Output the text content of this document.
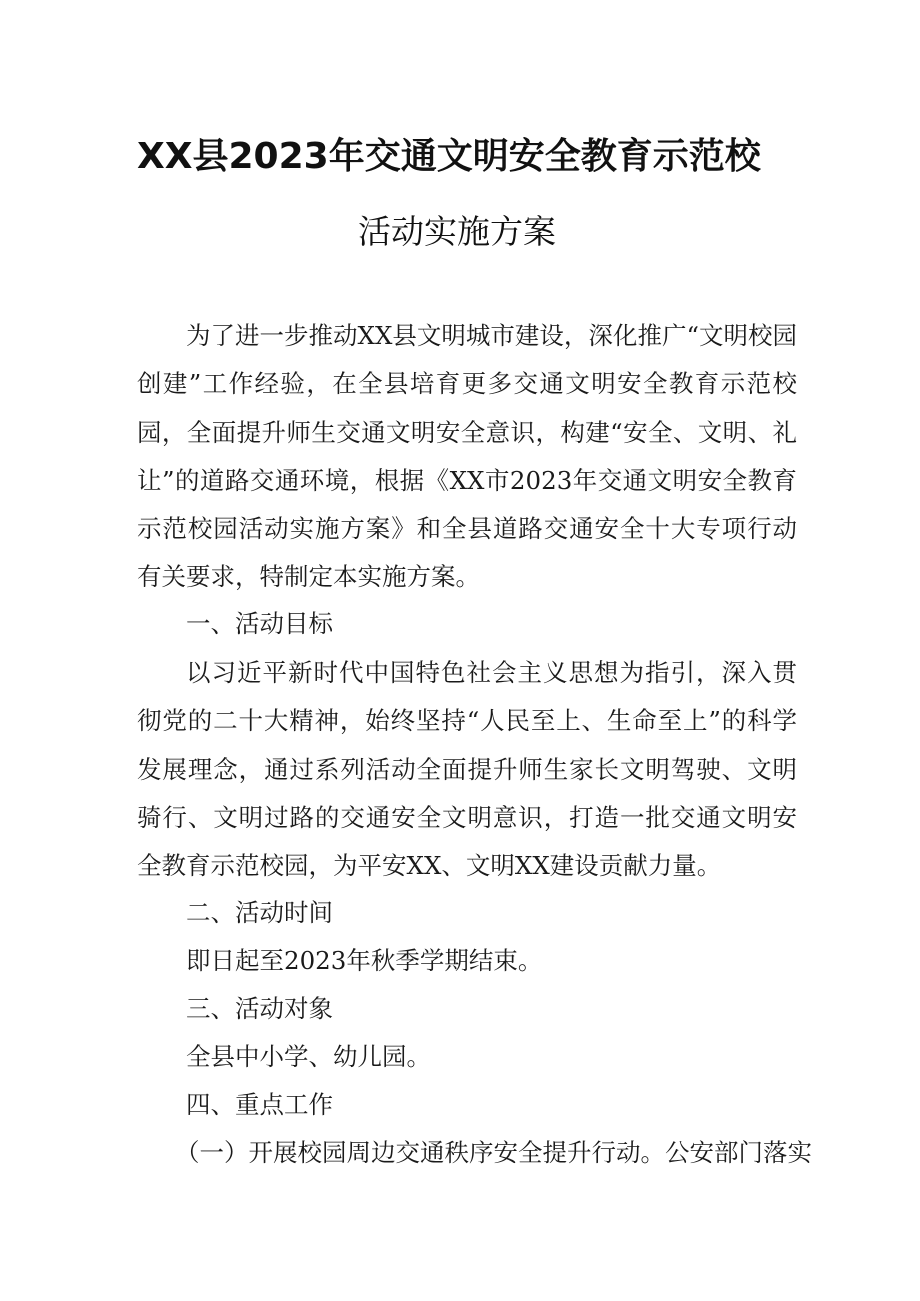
XX县2023年交通文明安全教育示范校
活动实施方案

为了进一步推动XX县文明城市建设，深化推广“文明校园创建”工作经验，在全县培育更多交通文明安全教育示范校园，全面提升师生交通文明安全意识，构建“安全、文明、礼让”的道路交通环境，根据《XX市2023年交通文明安全教育示范校园活动实施方案》和全县道路交通安全十大专项行动有关要求，特制定本实施方案。

一、活动目标

以习近平新时代中国特色社会主义思想为指引，深入贯彻党的二十大精神，始终坚持“人民至上、生命至上”的科学发展理念，通过系列活动全面提升师生家长文明驾驶、文明骑行、文明过路的交通安全文明意识，打造一批交通文明安全教育示范校园，为平安XX、文明XX建设贡献力量。

二、活动时间

即日起至2023年秋季学期结束。

三、活动对象

全县中小学、幼儿园。

四、重点工作

（一）开展校园周边交通秩序安全提升行动。公安部门落实
